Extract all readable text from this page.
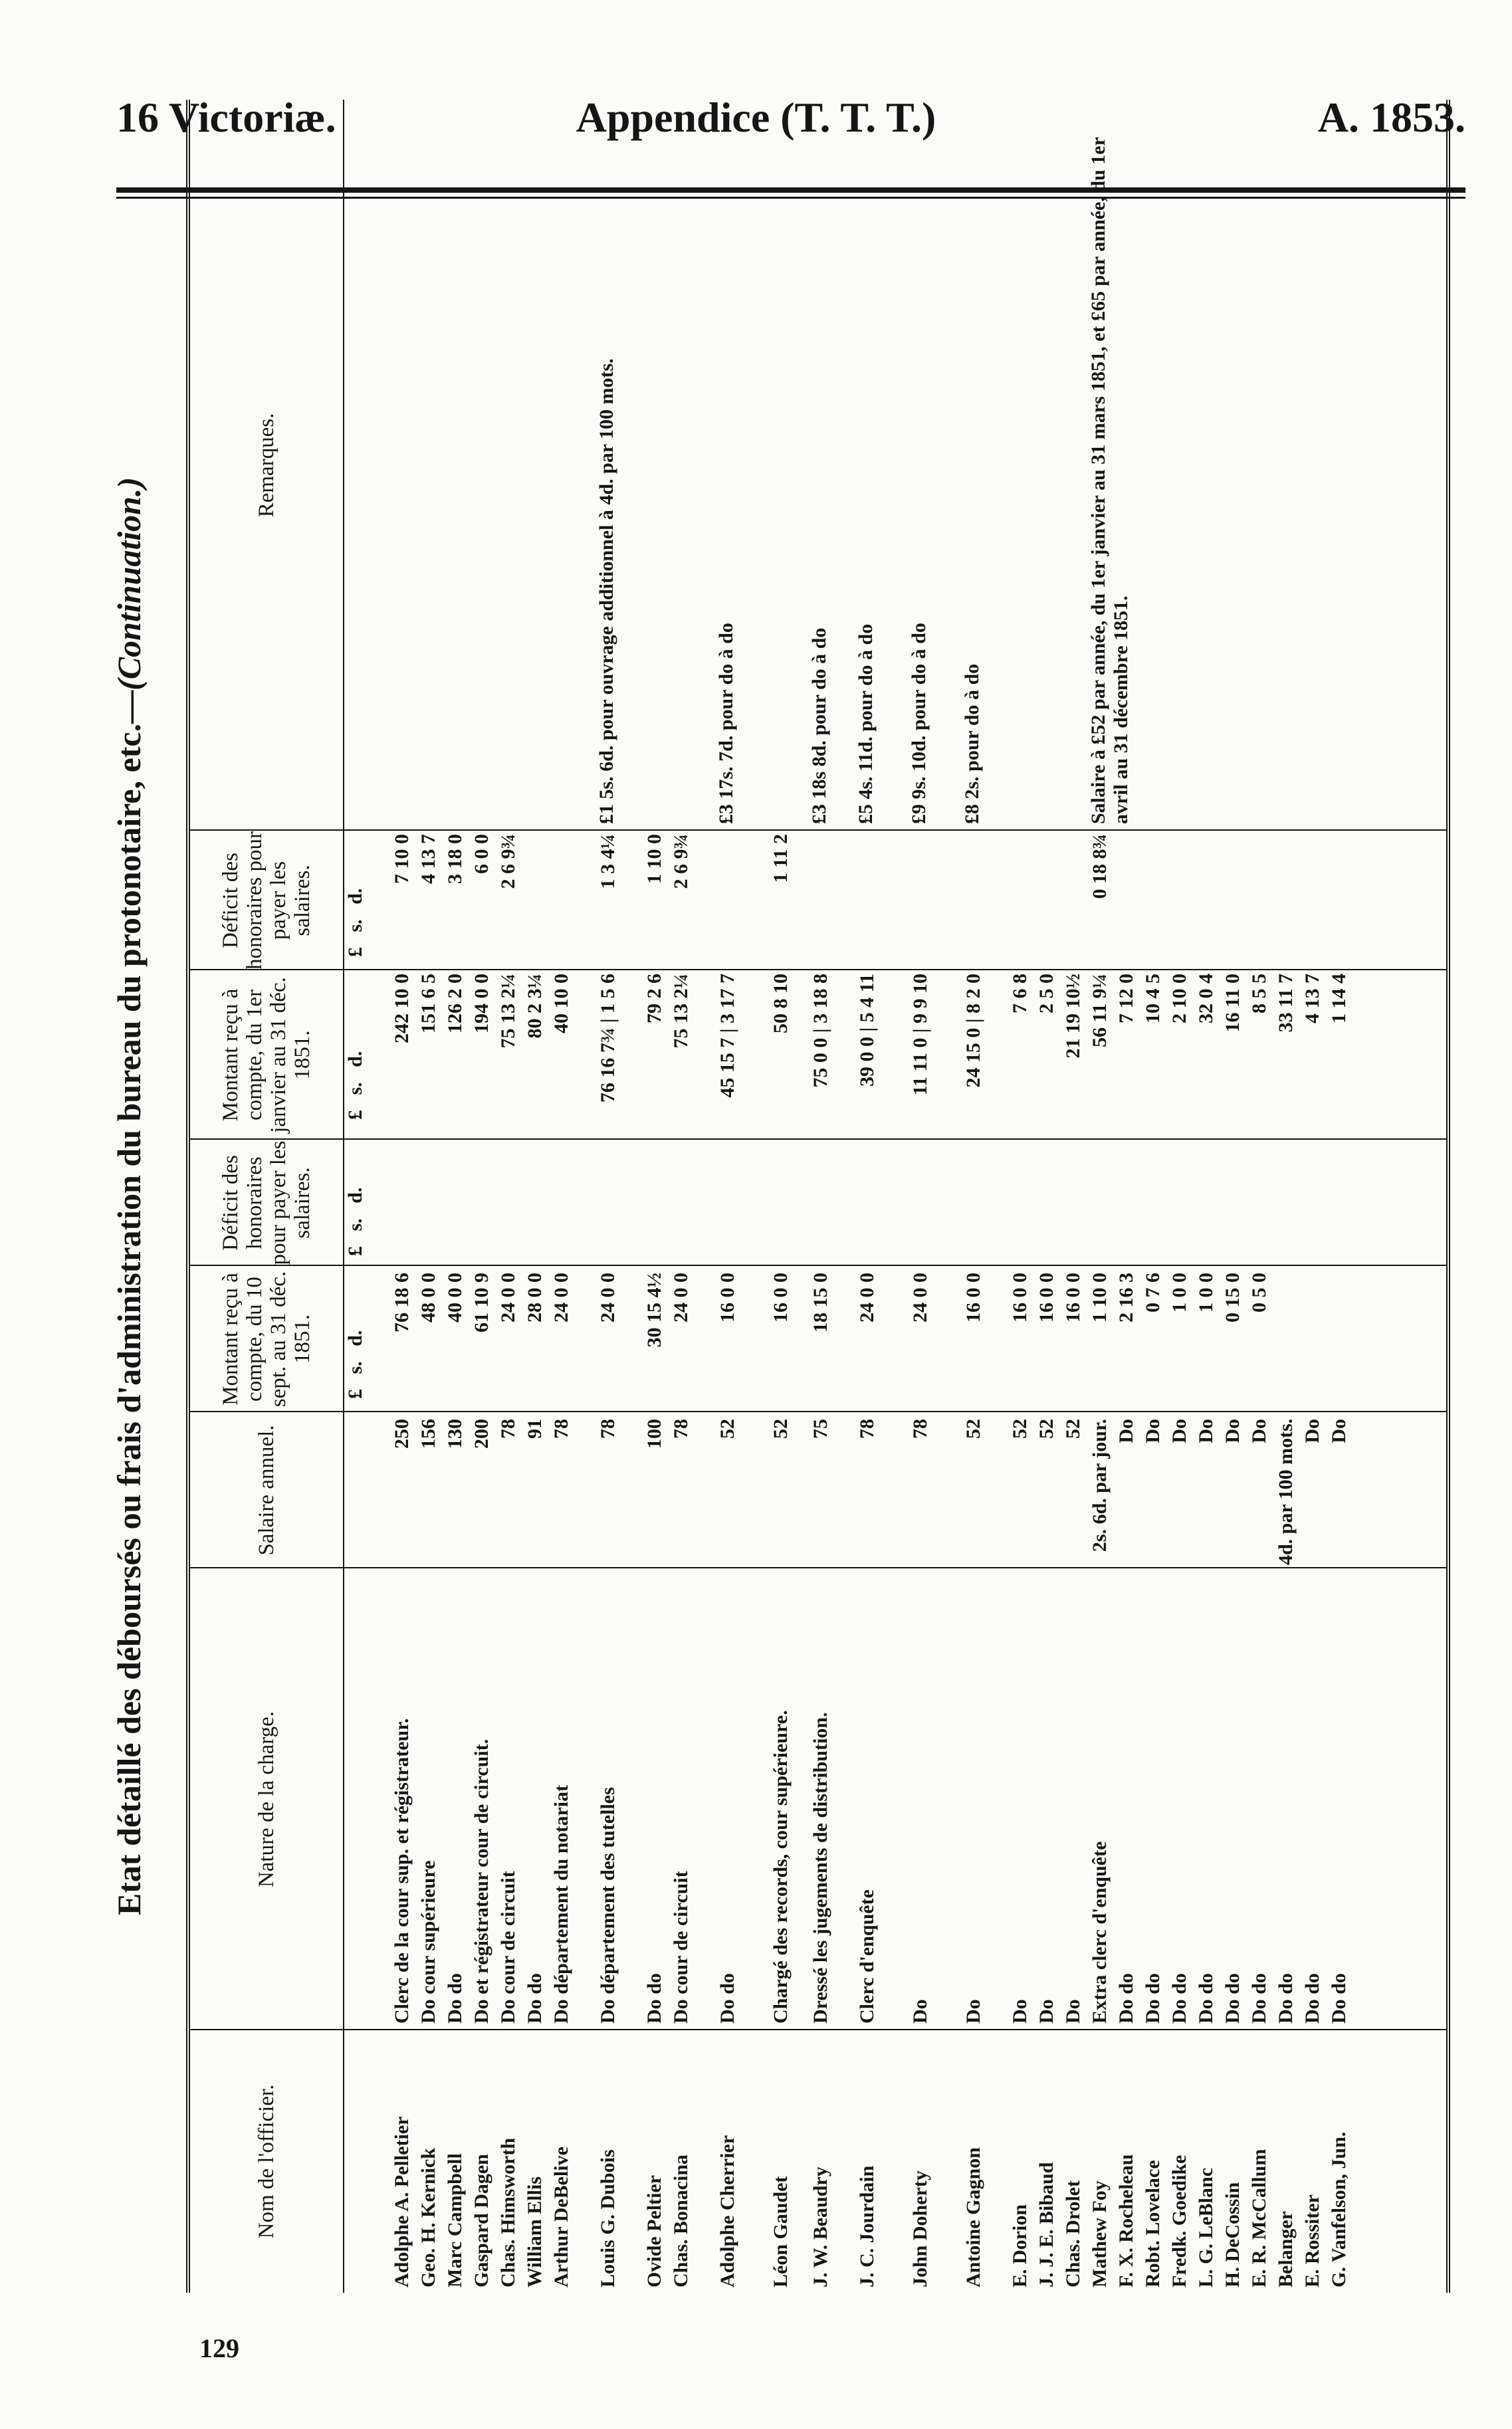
16 Victoriæ.	Appendice (T. T. T.)	A. 1853.
Etat détaillé des déboursés ou frais d'administration du bureau du protonotaire, etc.—(Continuation.)
Nom de l'officier.
Nature de la charge.
Salaire annuel.
Montant reçu à compte, du 10 sept. au 31 déc. 1851.
Déficit des honoraires pour payer les salaires.
Montant reçu à compte, du 1er janvier au 31 déc. 1851.
Déficit des honoraires pour payer les salaires.
Remarques.
£   s.   d.
£   s.   d.
£   s.   d.
£   s.   d.
Adolphe A. Pelletier
Clerc de la cour sup. et régistrateur.
250
76 18 6
242 10 0
7 10 0
Geo. H. Kernick
Do cour supérieure
156
48 0 0
151 6 5
4 13 7
Marc Campbell
Do do
130
40 0 0
126 2 0
3 18 0
Gaspard Dagen
Do et régistrateur cour de circuit.
200
61 10 9
194 0 0
6 0 0
Chas. Himsworth
Do cour de circuit
78
24 0 0
75 13 2¼
2 6 9¾
William Ellis
Do do
91
28 0 0
80 2 3¼
Arthur DeBelive
Do département du notariat
78
24 0 0
40 10 0
Louis G. Dubois
Do département des tutelles
78
24 0 0
76 16 7¾ | 1 5 6
1 3 4¼
£1 5s. 6d. pour ouvrage additionnel à 4d. par 100 mots.
Ovide Peltier
Do do
100
30 15 4½
79 2 6
1 10 0
Chas. Bonacina
Do cour de circuit
78
24 0 0
75 13 2¼
2 6 9¾
Adolphe Cherrier
Do do
52
16 0 0
45 15 7 | 3 17 7
£3 17s. 7d. pour do à do
Léon Gaudet
Chargé des records, cour supérieure.
52
16 0 0
50 8 10
1 11 2
J. W. Beaudry
Dressé les jugements de distribution.
75
18 15 0
75 0 0 | 3 18 8
£3 18s 8d. pour do à do
J. C. Jourdain
Clerc d'enquête
78
24 0 0
39 0 0 | 5 4 11
£5 4s. 11d. pour do à do
John Doherty
Do
78
24 0 0
11 11 0 | 9 9 10
£9 9s. 10d. pour do à do
Antoine Gagnon
Do
52
16 0 0
24 15 0 | 8 2 0
£8 2s. pour do à do
E. Dorion
Do
52
16 0 0
7 6 8
J. J. E. Bibaud
Do
52
16 0 0
2 5 0
Chas. Drolet
Do
52
16 0 0
21 19 10½
Mathew Foy
Extra clerc d'enquête
2s. 6d. par jour.
1 10 0
56 11 9¼
0 18 8¾
Salaire à £52 par année, du 1er janvier au 31 mars 1851, et £65 par année, du 1er avril au 31 décembre 1851.
F. X. Rocheleau
Do do
Do
2 16 3
7 12 0
Robt. Lovelace
Do do
Do
0 7 6
10 4 5
Fredk. Goedike
Do do
Do
1 0 0
2 10 0
L. G. LeBlanc
Do do
Do
1 0 0
32 0 4
H. DeCossin
Do do
Do
0 15 0
16 11 0
E. R. McCallum
Do do
Do
0 5 0
8 5 5
Belanger
Do do
4d. par 100 mots.
33 11 7
E. Rossiter
Do do
Do
4 13 7
G. Vanfelson, Jun.
Do do
Do
1 14 4
129
